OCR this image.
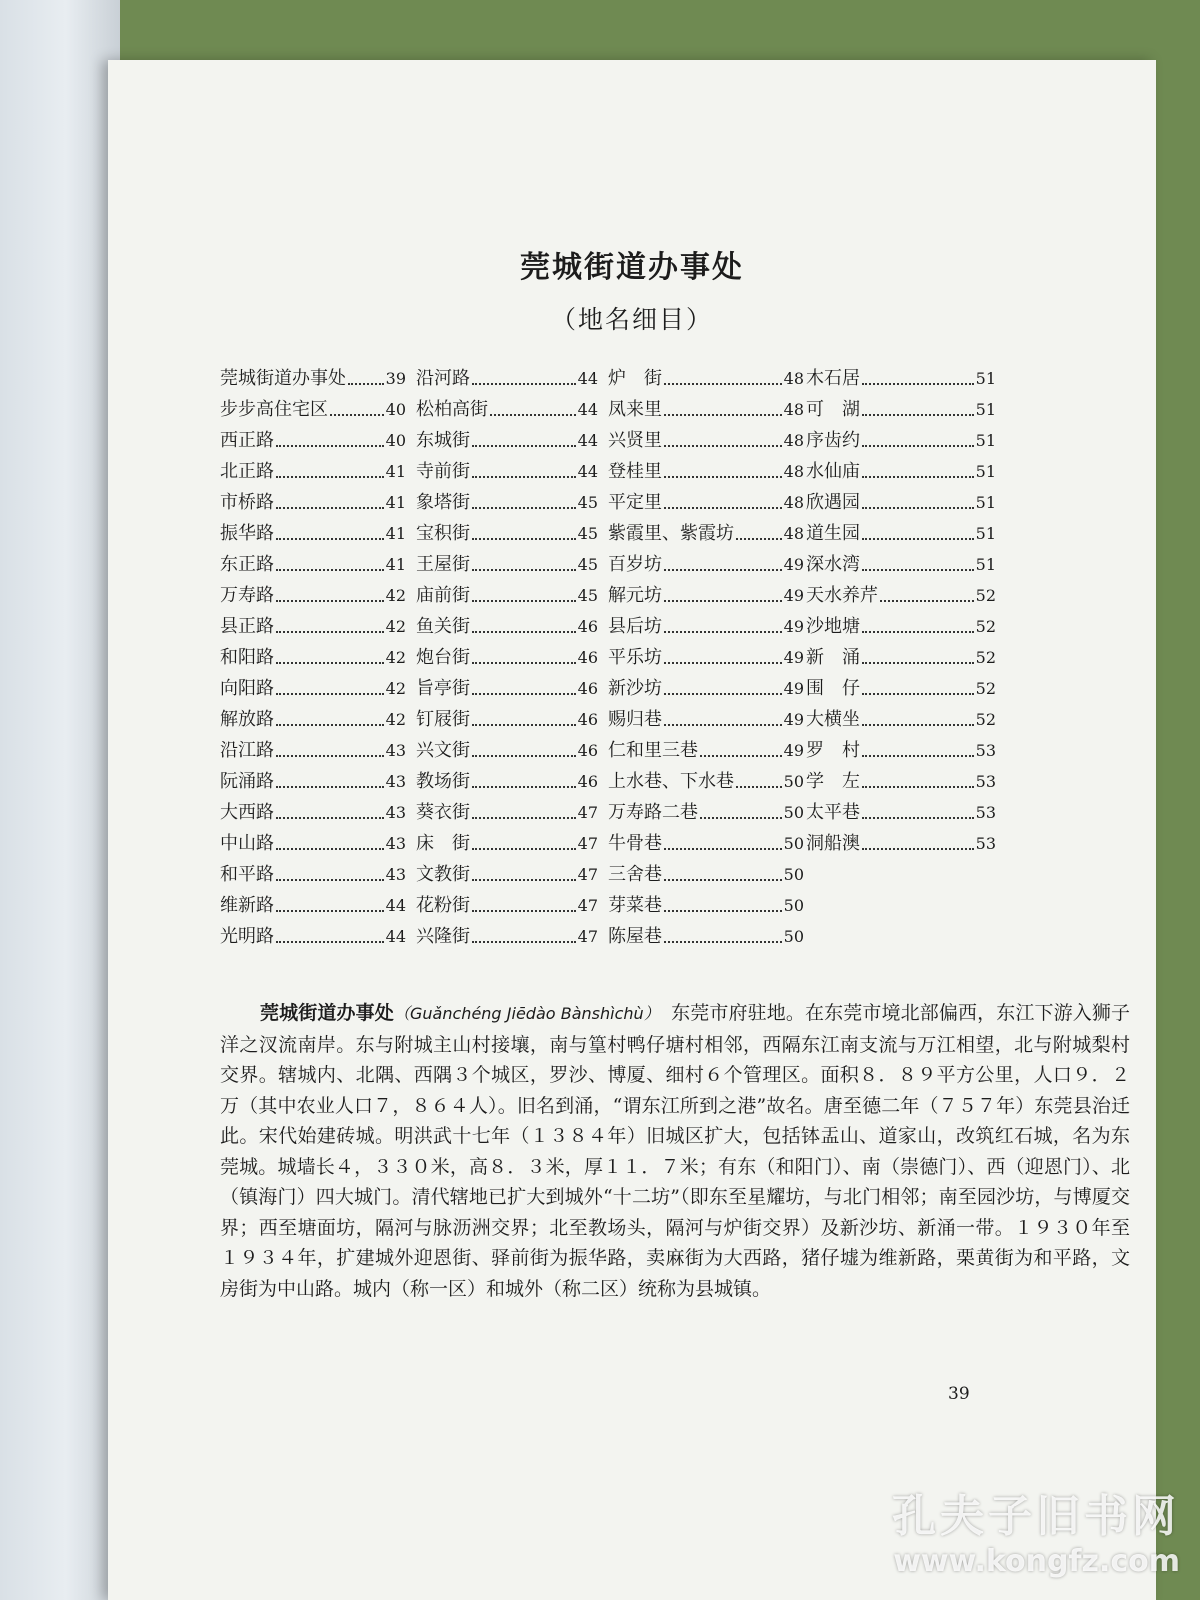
莞城街道办事处
（地名细目）
莞城街道办事处 39
步步高住宅区	40
西正路	40
北正路	41
市桥路	41
振华路	41
东正路	41
万寿路	42
县正路	42
和阳路	42
向阳路	42
解放路	42
沿江路	43
阮涌路	43
大西路	43
中山路	43
和平路	43
维新路	44
光明路	44
沿河路	44
松柏高街	44
东城街	44
寺前街	44
象塔街	45
宝积街	45
王屋街	45
庙前街	45
鱼关街	46
炮台街	46
旨亭街	46
钉屐街	46
兴文街	46
教场街	46
葵衣街	47
床　街	47
文教街	47
花粉街	47
兴隆街	47
炉　街	48
凤来里	48
兴贤里	48
登桂里	48
平定里	48
紫霞里、紫霞坊	48
百岁坊	49
解元坊	49
县后坊	49
平乐坊	49
新沙坊	49
赐归巷	49
仁和里三巷	49
上水巷、下水巷	50
万寿路二巷	50
牛骨巷	50
三舍巷	50
芽菜巷	50
陈屋巷	50
木石居	51
可　湖	51
序齿约	51
水仙庙	51
欣遇园	51
道生园	51
深水湾	51
天水养芹	52
沙地塘	52
新　涌	52
围　仔	52
大横坐	52
罗　村	53
学　左	53
太平巷	53
洞船澳	53
莞城街道办事处（Guǎnchéng Jiēdào Bànshìchù）　 东莞市府驻地。在东莞市境北部偏西，东江下游入狮子洋之汊流南岸。东与附城主山村接壤，南与篁村鸭仔塘村相邻，西隔东江南支流与万江相望，北与附城梨村交界。辖城内、北隅、西隅３个城区，罗沙、博厦、细村６个管理区。面积８．８９平方公里，人口９．２万（其中农业人口７，８６４人）。旧名到涌，“谓东江所到之港”故名。唐至德二年（７５７年）东莞县治迁此。宋代始建砖城。明洪武十七年（１３８４年）旧城区扩大，包括钵盂山、道家山，改筑红石城，名为东莞城。城墙长４，３３０米，高８．３米，厚１１．７米；有东（和阳门）、南（崇德门）、西（迎恩门）、北（镇海门）四大城门。清代辖地已扩大到城外“十二坊”（即东至星耀坊，与北门相邻；南至园沙坊，与博厦交界；西至塘面坊，隔河与脉沥洲交界；北至教场头，隔河与炉街交界）及新沙坊、新涌一带。１９３０年至１９３４年，扩建城外迎恩街、驿前街为振华路，卖麻街为大西路，猪仔墟为维新路，栗黄街为和平路，文房街为中山路。城内（称一区）和城外（称二区）统称为县城镇。
39
孔夫子旧书网
www.kongfz.com
